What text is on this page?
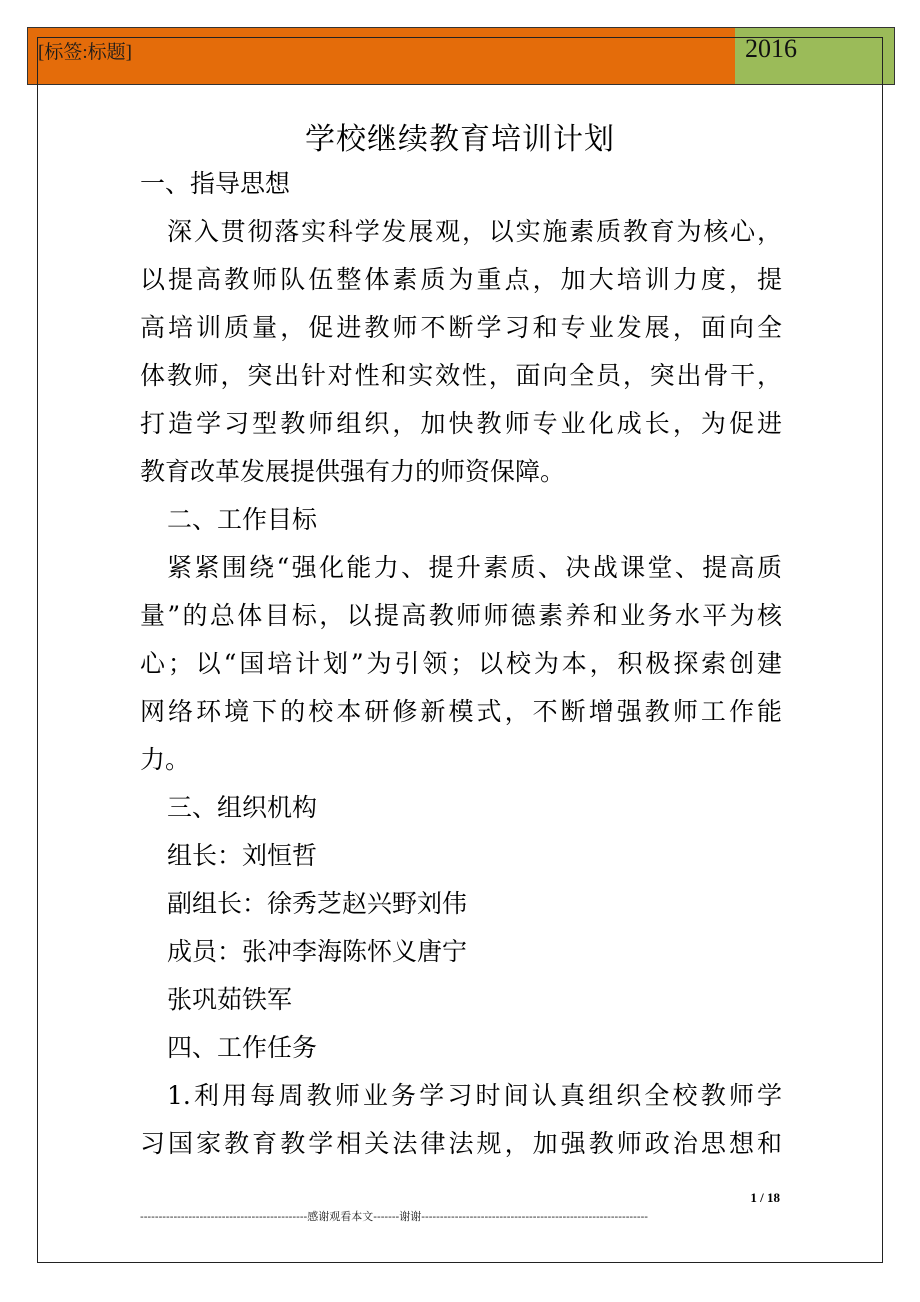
[标签:标题]	2016
学校继续教育培训计划
一、指导思想
深入贯彻落实科学发展观，以实施素质教育为核心，
以提高教师队伍整体素质为重点，加大培训力度，提
高培训质量，促进教师不断学习和专业发展，面向全
体教师，突出针对性和实效性，面向全员，突出骨干，
打造学习型教师组织，加快教师专业化成长，为促进
教育改革发展提供强有力的师资保障。
二、工作目标
紧紧围绕“强化能力、提升素质、决战课堂、提高质
量”的总体目标，以提高教师师德素养和业务水平为核
心；以“国培计划”为引领；以校为本，积极探索创建
网络环境下的校本研修新模式，不断增强教师工作能
力。
三、组织机构
组长：刘恒哲
副组长：徐秀芝赵兴野刘伟
成员：张冲李海陈怀义唐宁
张巩茹铁军
四、工作任务
1.利用每周教师业务学习时间认真组织全校教师学
习国家教育教学相关法律法规，加强教师政治思想和
1 / 18
---------------------------------------------感谢观看本文-------谢谢-------------------------------------------------------------
